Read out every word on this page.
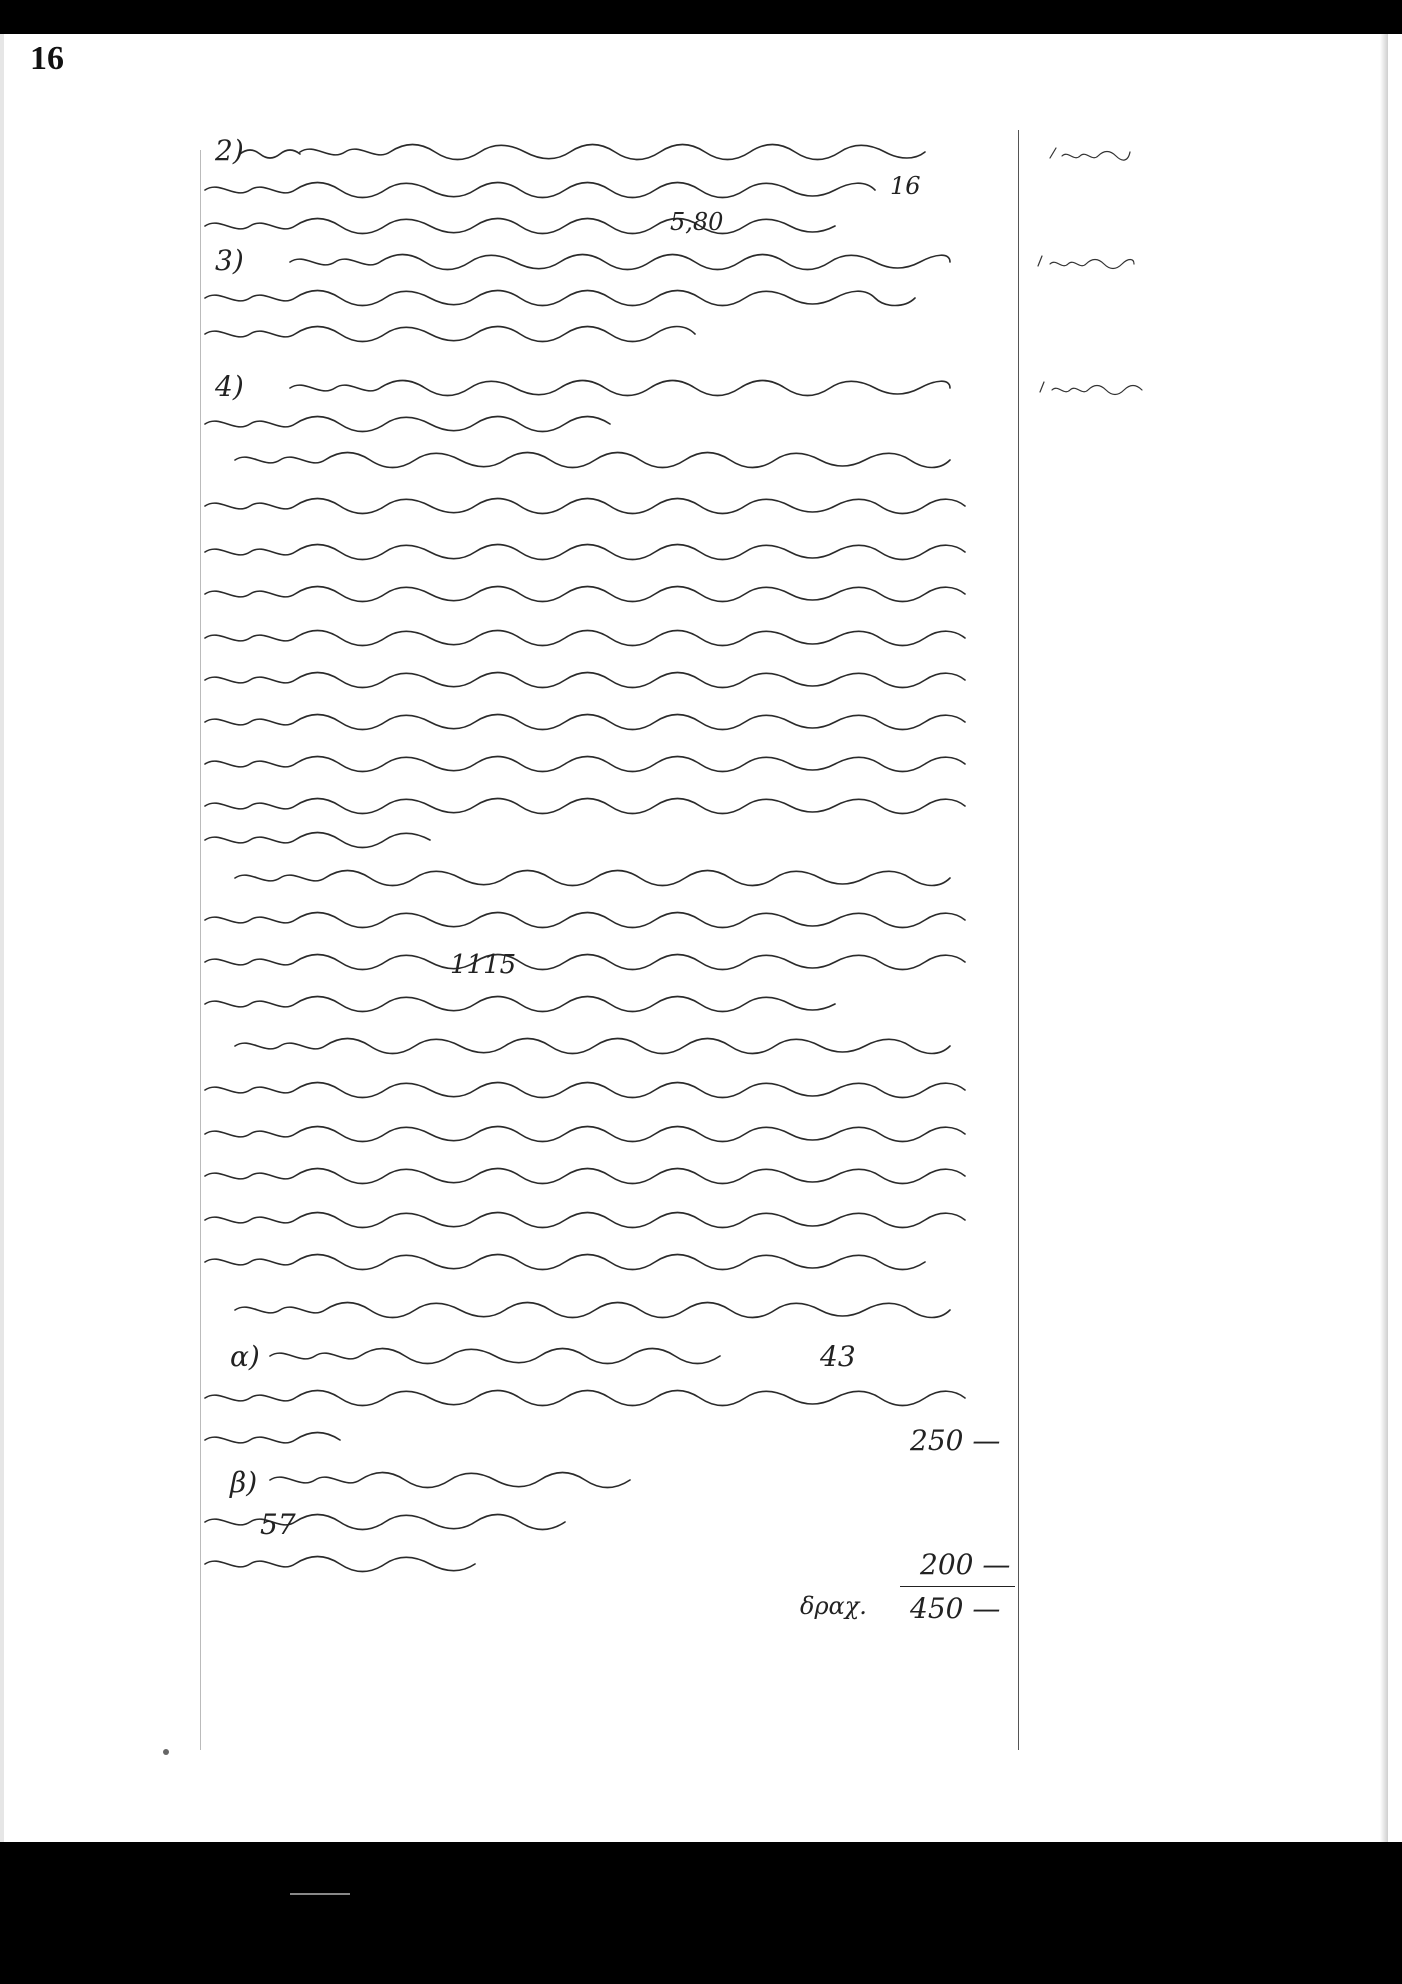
16
2)
16
5,80
3)
4)
1115
α)	43
250 —
β)
57
200 —
δραχ. 450 —
